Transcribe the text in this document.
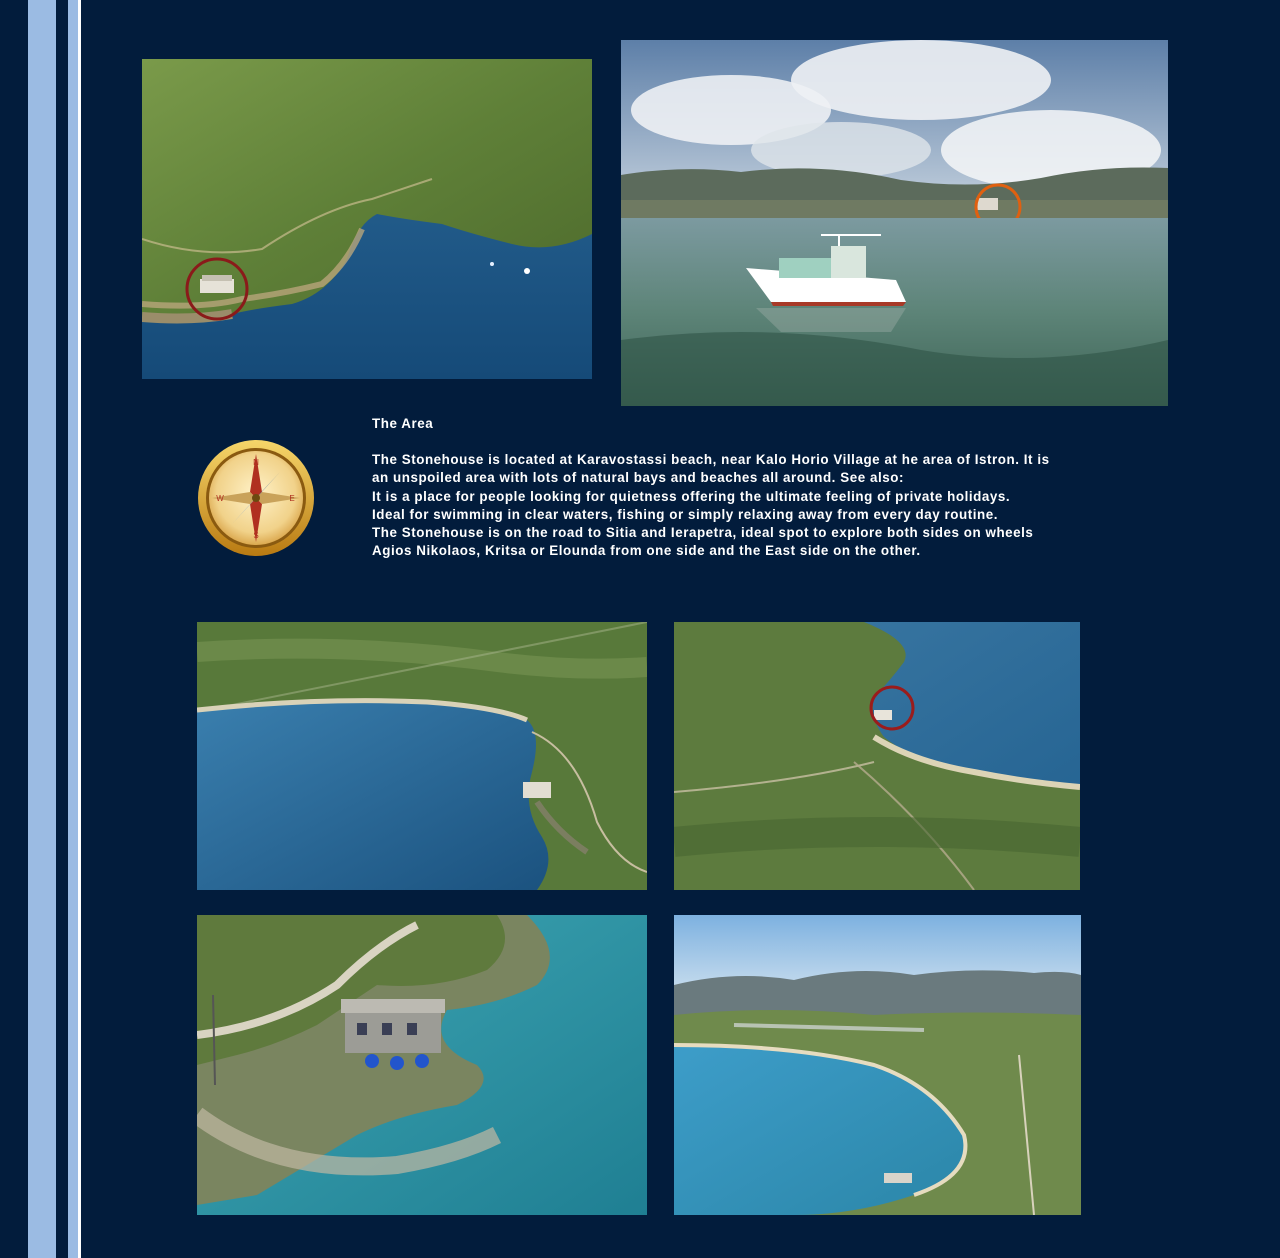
N
E
S
W
The Area
The Stonehouse is located at Karavostassi beach, near Kalo Horio Village at he area of Istron. It is
an unspoiled area with lots of natural bays and beaches all around. See also:
It is a place for people looking for quietness offering the ultimate feeling of private holidays.
Ideal for swimming in clear waters, fishing or simply relaxing away from every day routine.
The Stonehouse is on the road to Sitia and Ierapetra, ideal spot to explore both sides on wheels
Agios Nikolaos, Kritsa or Elounda from one side and the East side on the other.
